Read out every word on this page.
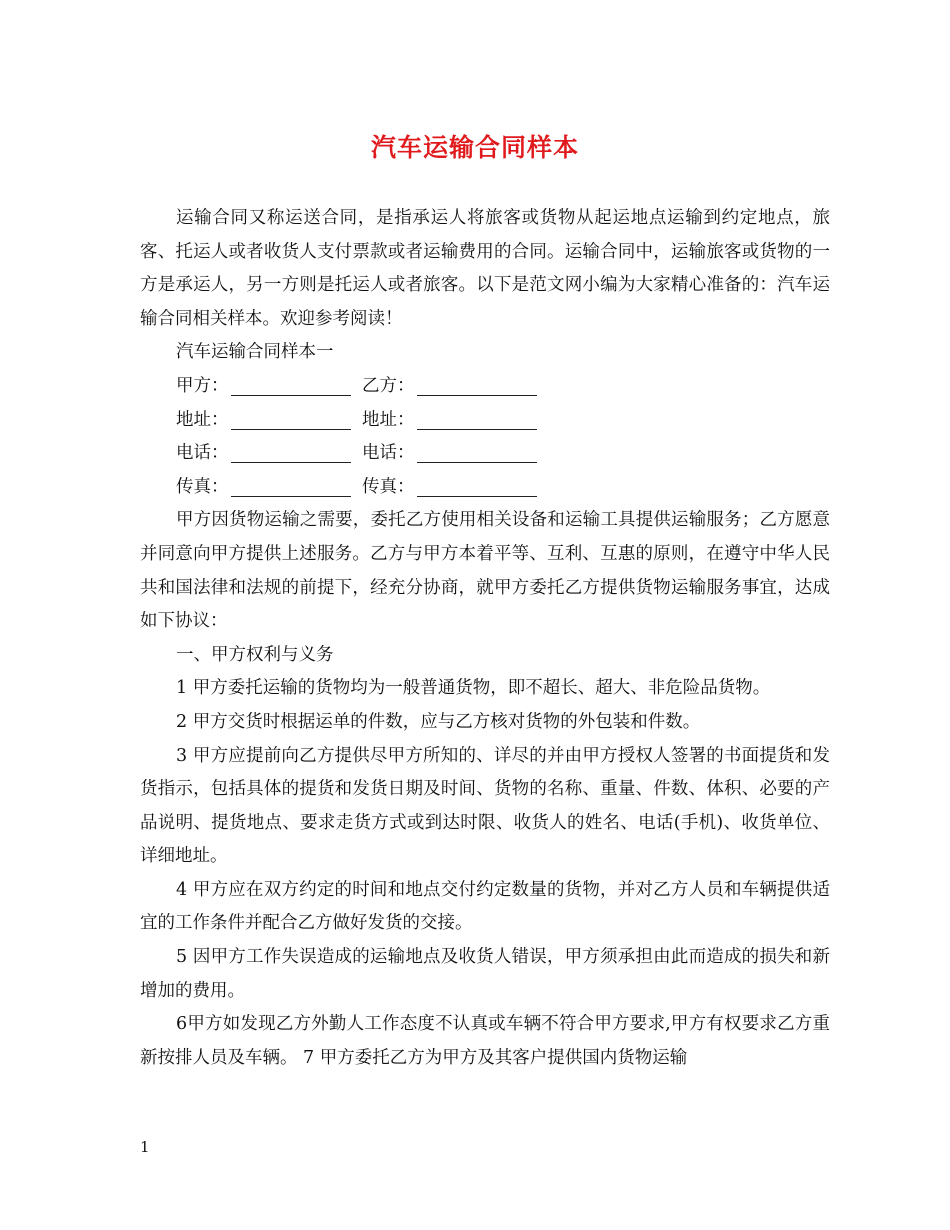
汽车运输合同样本

运输合同又称运送合同，是指承运人将旅客或货物从起运地点运输到约定地点，旅客、托运人或者收货人支付票款或者运输费用的合同。运输合同中，运输旅客或货物的一方是承运人，另一方则是托运人或者旅客。以下是范文网小编为大家精心准备的：汽车运输合同相关样本。欢迎参考阅读！

汽车运输合同样本一

甲方：	乙方：
地址：	地址：
电话：	电话：
传真：	传真：

甲方因货物运输之需要，委托乙方使用相关设备和运输工具提供运输服务；乙方愿意并同意向甲方提供上述服务。乙方与甲方本着平等、互利、互惠的原则，在遵守中华人民共和国法律和法规的前提下，经充分协商，就甲方委托乙方提供货物运输服务事宜，达成如下协议：

一、甲方权利与义务

1 甲方委托运输的货物均为一般普通货物，即不超长、超大、非危险品货物。

2 甲方交货时根据运单的件数，应与乙方核对货物的外包装和件数。

3 甲方应提前向乙方提供尽甲方所知的、详尽的并由甲方授权人签署的书面提货和发货指示，包括具体的提货和发货日期及时间、货物的名称、重量、件数、体积、必要的产品说明、提货地点、要求走货方式或到达时限、收货人的姓名、电话(手机)、收货单位、详细地址。

4 甲方应在双方约定的时间和地点交付约定数量的货物，并对乙方人员和车辆提供适宜的工作条件并配合乙方做好发货的交接。

5 因甲方工作失误造成的运输地点及收货人错误，甲方须承担由此而造成的损失和新增加的费用。

6甲方如发现乙方外勤人工作态度不认真或车辆不符合甲方要求,甲方有权要求乙方重新按排人员及车辆。 7 甲方委托乙方为甲方及其客户提供国内货物运输

1
